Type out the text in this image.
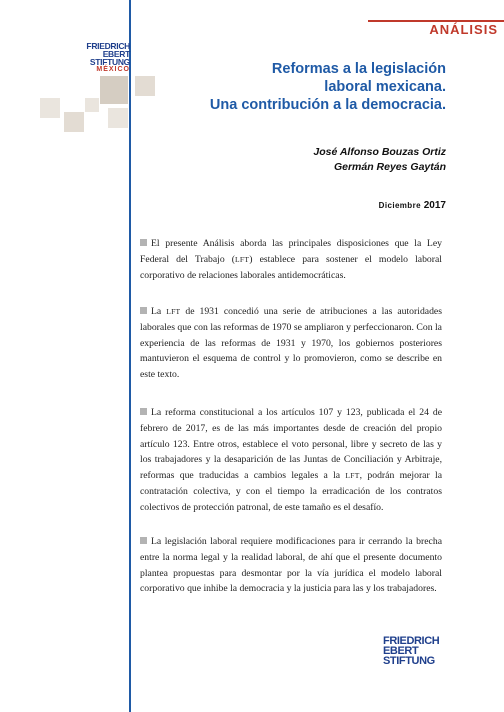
ANÁLISIS
FRIEDRICH
EBERT
STIFTUNG
MÉXICO	Reformas a la legislación
laboral mexicana.
Una contribución a la democracia.
José Alfonso Bouzas Ortiz
Germán Reyes Gaytán
Diciembre 2017
El presente Análisis aborda las principales disposiciones que la Ley Federal del Trabajo (LFT) establece para sostener el modelo laboral corporativo de relaciones laborales antidemocráticas.
La LFT de 1931 concedió una serie de atribuciones a las autoridades laborales que con las reformas de 1970 se ampliaron y perfeccionaron. Con la experiencia de las reformas de 1931 y 1970, los gobiernos posteriores mantuvieron el esquema de control y lo promovieron, como se describe en este texto.
La reforma constitucional a los artículos 107 y 123, publicada el 24 de febrero de 2017, es de las más importantes desde de creación del propio artículo 123. Entre otros, establece el voto personal, libre y secreto de las y los trabajadores y la desaparición de las Juntas de Conciliación y Arbitraje, reformas que traducidas a cambios legales a la LFT, podrán mejorar la contratación colectiva, y con el tiempo la erradicación de los contratos colectivos de protección patronal, de este tamaño es el desafío.
La legislación laboral requiere modificaciones para ir cerrando la brecha entre la norma legal y la realidad laboral, de ahí que el presente documento plantea propuestas para desmontar por la vía jurídica el modelo laboral corporativo que inhibe la democracia y la justicia para las y los trabajadores.
FRIEDRICH
EBERT
STIFTUNG
